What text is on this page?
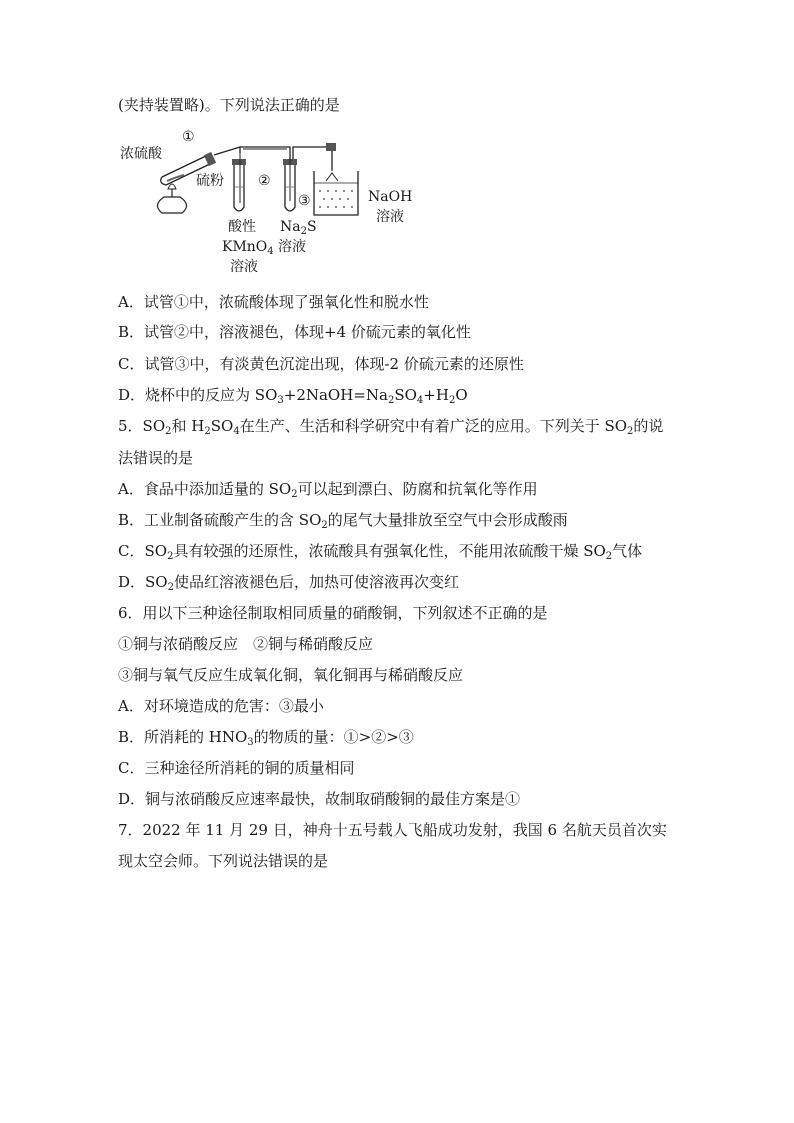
(夹持装置略)。下列说法正确的是
浓硫酸
①
硫粉 ②
③	NaOH
溶液
酸性
KMnO$_4$
溶液
$Na_2S$
溶液
A．试管①中，浓硫酸体现了强氧化性和脱水性
B．试管②中，溶液褪色，体现+4 价硫元素的氧化性
C．试管③中，有淡黄色沉淀出现，体现-2 价硫元素的还原性
D．烧杯中的反应为 $SO_3+2NaOH=Na_2SO_4+H_2O$
5．$SO_2$和 $H_2SO_4$在生产、生活和科学研究中有着广泛的应用。下列关于 $SO_2$的说
法错误的是
A．食品中添加适量的 $SO_2$可以起到漂白、防腐和抗氧化等作用
B．工业制备硫酸产生的含 $SO_2$的尾气大量排放至空气中会形成酸雨
C．$SO_2$具有较强的还原性，浓硫酸具有强氧化性，不能用浓硫酸干燥 $SO_2$气体
D．$SO_2$使品红溶液褪色后，加热可使溶液再次变红
6．用以下三种途径制取相同质量的硝酸铜，下列叙述不正确的是
①铜与浓硝酸反应　②铜与稀硝酸反应
③铜与氧气反应生成氧化铜，氧化铜再与稀硝酸反应
A．对环境造成的危害：③最小
B．所消耗的 $HNO_3$的物质的量：①>②>③
C．三种途径所消耗的铜的质量相同
D．铜与浓硝酸反应速率最快，故制取硝酸铜的最佳方案是①
7．2022 年 11 月 29 日，神舟十五号载人飞船成功发射，我国 6 名航天员首次实
现太空会师。下列说法错误的是
